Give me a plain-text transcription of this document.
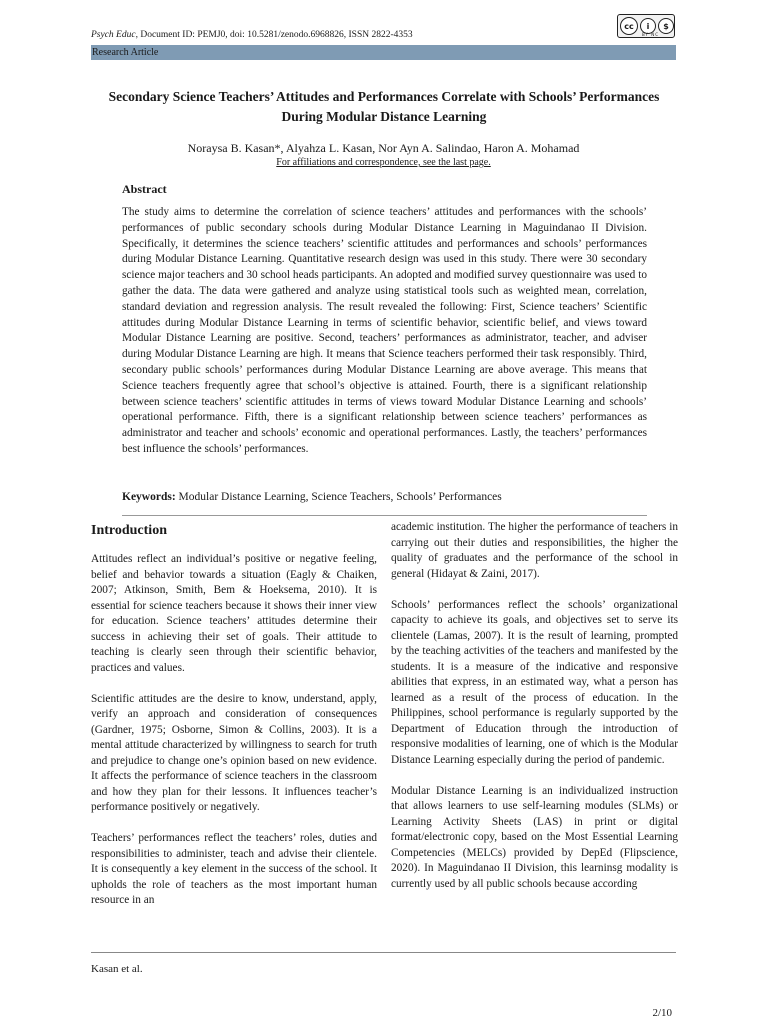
Psych Educ, Document ID: PEMJ0, doi: 10.5281/zenodo.6968826, ISSN 2822-4353
cc	i	$
BY NC
Research Article
Secondary Science Teachers’ Attitudes and Performances Correlate with Schools’ Performances During Modular Distance Learning
Noraysa B. Kasan*, Alyahza L. Kasan, Nor Ayn A. Salindao, Haron A. Mohamad
For affiliations and correspondence, see the last page.
Abstract

The study aims to determine the correlation of science teachers’ attitudes and performances with the schools’ performances of public secondary schools during Modular Distance Learning in Maguindanao II Division. Specifically, it determines the science teachers’ scientific attitudes and performances and schools’ performances during Modular Distance Learning. Quantitative research design was used in this study. There were 30 secondary science major teachers and 30 school heads participants. An adopted and modified survey questionnaire was used to gather the data. The data were gathered and analyze using statistical tools such as weighted mean, correlation, standard deviation and regression analysis. The result revealed the following: First, Science teachers’ Scientific attitudes during Modular Distance Learning in terms of scientific behavior, scientific belief, and views toward Modular Distance Learning are positive. Second, teachers’ performances as administrator, teacher, and adviser during Modular Distance Learning are high. It means that Science teachers performed their task responsibly. Third, secondary public schools’ performances during Modular Distance Learning are above average. This means that Science teachers frequently agree that school’s objective is attained. Fourth, there is a significant relationship between science teachers’ scientific attitudes in terms of views toward Modular Distance Learning and schools’ operational performance. Fifth, there is a significant relationship between science teachers’ performances as administrator and teacher and schools’ economic and operational performances. Lastly, the teachers’ performances best influence the schools’ performances.

Keywords: Modular Distance Learning, Science Teachers, Schools’ Performances
Introduction

Attitudes reflect an individual’s positive or negative feeling, belief and behavior towards a situation (Eagly & Chaiken, 2007; Atkinson, Smith, Bem & Hoeksema, 2010). It is essential for science teachers because it shows their inner view for education. Science teachers’ attitudes determine their success in achieving their set of goals. Their attitude to teaching is clearly seen through their scientific behavior, practices and values.

Scientific attitudes are the desire to know, understand, apply, verify an approach and consideration of consequences (Gardner, 1975; Osborne, Simon & Collins, 2003). It is a mental attitude characterized by willingness to search for truth and prejudice to change one’s opinion based on new evidence. It affects the performance of science teachers in the classroom and how they plan for their lessons. It influences teacher’s performance positively or negatively.

Teachers’ performances reflect the teachers’ roles, duties and responsibilities to administer, teach and advise their clientele. It is consequently a key element in the success of the school. It upholds the role of teachers as the most important human resource in an

academic institution. The higher the performance of teachers in carrying out their duties and responsibilities, the higher the quality of graduates and the performance of the school in general (Hidayat & Zaini, 2017).

Schools’ performances reflect the schools’ organizational capacity to achieve its goals, and objectives set to serve its clientele (Lamas, 2007). It is the result of learning, prompted by the teaching activities of the teachers and manifested by the students. It is a measure of the indicative and responsive abilities that express, in an estimated way, what a person has learned as a result of the process of education. In the Philippines, school performance is regularly supported by the Department of Education through the introduction of responsive modalities of learning, one of which is the Modular Distance Learning especially during the period of pandemic.

Modular Distance Learning is an individualized instruction that allows learners to use self-learning modules (SLMs) or Learning Activity Sheets (LAS) in print or digital format/electronic copy, based on the Most Essential Learning Competencies (MELCs) provided by DepEd (Flipscience, 2020). In Maguindanao II Division, this learninsg modality is currently used by all public schools because according

Kasan et al.
2/10
